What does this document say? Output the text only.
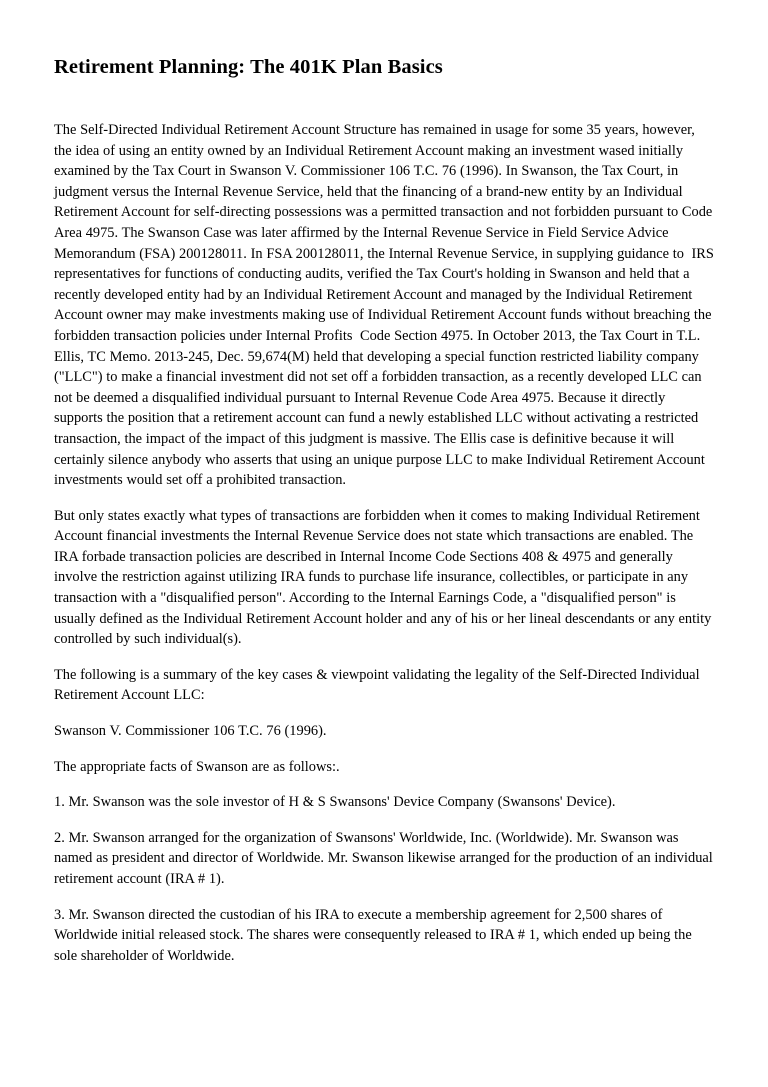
Retirement Planning: The 401K Plan Basics

The Self-Directed Individual Retirement Account Structure has remained in usage for some 35 years, however, the idea of using an entity owned by an Individual Retirement Account making an investment wased initially examined by the Tax Court in Swanson V. Commissioner 106 T.C. 76 (1996). In Swanson, the Tax Court, in judgment versus the Internal Revenue Service, held that the financing of a brand-new entity by an Individual Retirement Account for self-directing possessions was a permitted transaction and not forbidden pursuant to Code Area 4975. The Swanson Case was later affirmed by the Internal Revenue Service in Field Service Advice Memorandum (FSA) 200128011. In FSA 200128011, the Internal Revenue Service, in supplying guidance to  IRS representatives for functions of conducting audits, verified the Tax Court's holding in Swanson and held that a recently developed entity had by an Individual Retirement Account and managed by the Individual Retirement Account owner may make investments making use of Individual Retirement Account funds without breaching the forbidden transaction policies under Internal Profits  Code Section 4975. In October 2013, the Tax Court in T.L. Ellis, TC Memo. 2013-245, Dec. 59,674(M) held that developing a special function restricted liability company ("LLC") to make a financial investment did not set off a forbidden transaction, as a recently developed LLC can not be deemed a disqualified individual pursuant to Internal Revenue Code Area 4975. Because it directly supports the position that a retirement account can fund a newly established LLC without activating a restricted transaction, the impact of the impact of this judgment is massive. The Ellis case is definitive because it will certainly silence anybody who asserts that using an unique purpose LLC to make Individual Retirement Account investments would set off a prohibited transaction.

But only states exactly what types of transactions are forbidden when it comes to making Individual Retirement Account financial investments the Internal Revenue Service does not state which transactions are enabled. The IRA forbade transaction policies are described in Internal Income Code Sections 408 & 4975 and generally involve the restriction against utilizing IRA funds to purchase life insurance, collectibles, or participate in any transaction with a "disqualified person". According to the Internal Earnings Code, a "disqualified person" is usually defined as the Individual Retirement Account holder and any of his or her lineal descendants or any entity  controlled by such individual(s).

The following is a summary of the key cases & viewpoint validating the legality of the Self-Directed Individual Retirement Account LLC:

Swanson V. Commissioner 106 T.C. 76 (1996).

The appropriate facts of Swanson are as follows:.

1. Mr. Swanson was the sole investor of H & S Swansons' Device Company (Swansons' Device).

2. Mr. Swanson arranged for the organization of Swansons' Worldwide, Inc. (Worldwide). Mr. Swanson was named as president and director of Worldwide. Mr. Swanson likewise arranged for the production of an individual retirement account (IRA # 1).

3. Mr. Swanson directed the custodian of his IRA to execute a membership agreement for 2,500 shares of Worldwide initial released stock. The shares were consequently released to IRA # 1, which ended up being the sole shareholder of Worldwide.
